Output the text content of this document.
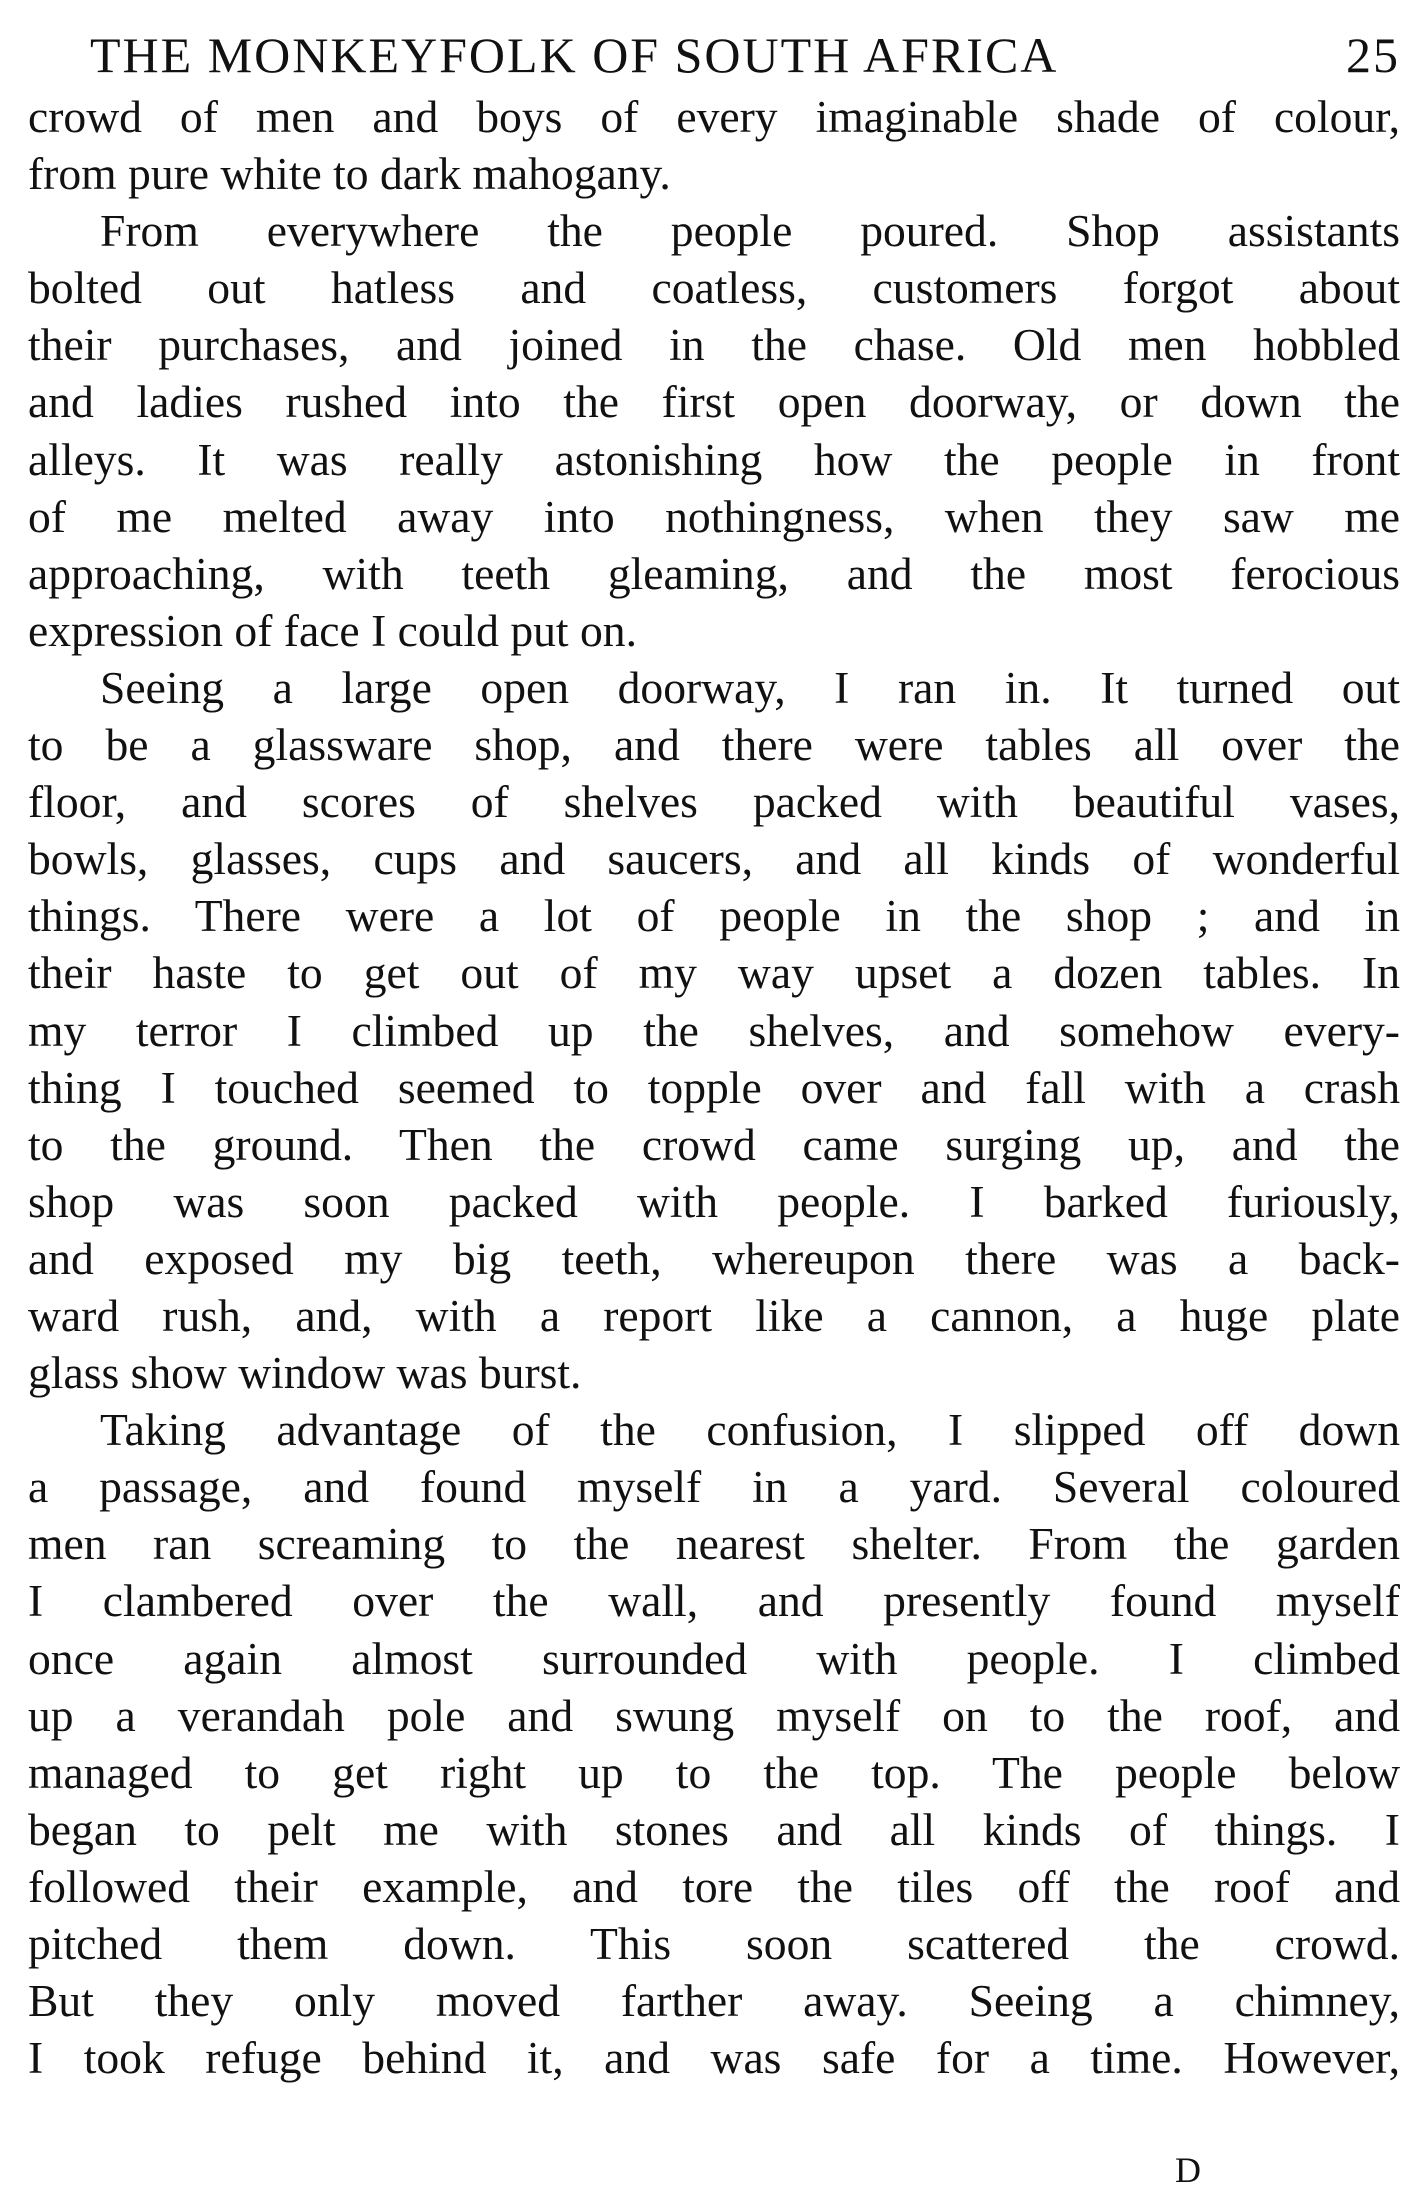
THE MONKEYFOLK OF SOUTH AFRICA	25
crowd of men and boys of every imaginable shade of colour,
from pure white to dark mahogany.
From everywhere the people poured. Shop assistants
bolted out hatless and coatless, customers forgot about
their purchases, and joined in the chase. Old men hobbled
and ladies rushed into the first open doorway, or down the
alleys. It was really astonishing how the people in front
of me melted away into nothingness, when they saw me
approaching, with teeth gleaming, and the most ferocious
expression of face I could put on.
Seeing a large open doorway, I ran in. It turned out
to be a glassware shop, and there were tables all over the
floor, and scores of shelves packed with beautiful vases,
bowls, glasses, cups and saucers, and all kinds of wonderful
things. There were a lot of people in the shop ; and in
their haste to get out of my way upset a dozen tables. In
my terror I climbed up the shelves, and somehow every-
thing I touched seemed to topple over and fall with a crash
to the ground. Then the crowd came surging up, and the
shop was soon packed with people. I barked furiously,
and exposed my big teeth, whereupon there was a back-
ward rush, and, with a report like a cannon, a huge plate
glass show window was burst.
Taking advantage of the confusion, I slipped off down
a passage, and found myself in a yard. Several coloured
men ran screaming to the nearest shelter. From the garden
I clambered over the wall, and presently found myself
once again almost surrounded with people. I climbed
up a verandah pole and swung myself on to the roof, and
managed to get right up to the top. The people below
began to pelt me with stones and all kinds of things. I
followed their example, and tore the tiles off the roof and
pitched them down. This soon scattered the crowd.
But they only moved farther away. Seeing a chimney,
I took refuge behind it, and was safe for a time. However,
D
